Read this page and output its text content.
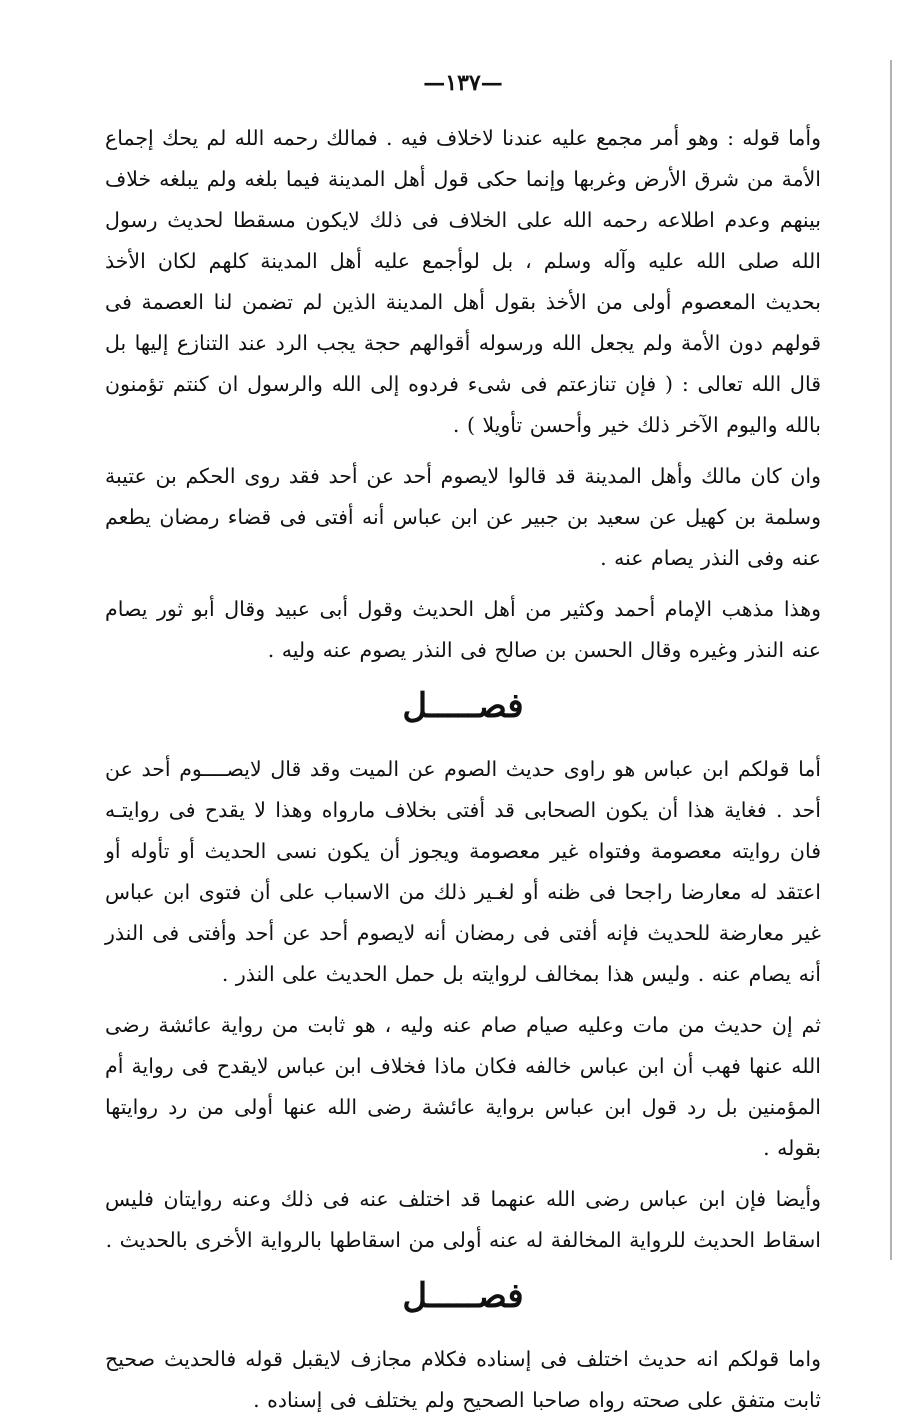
—١٣٧—
وأما قوله : وهو أمر مجمع عليه عندنا لاخلاف فيه . فمالك رحمه الله لم يحك إجماع الأمة من شرق الأرض وغربها وإنما حكى قول أهل المدينة فيما بلغه ولم يبلغه خلاف بينهم وعدم اطلاعه رحمه الله على الخلاف فى ذلك لايكون مسقطا لحديث رسول الله صلى الله عليه وآله وسلم ، بل لوأجمع عليه أهل المدينة كلهم لكان الأخذ بحديث المعصوم أولى من الأخذ بقول أهل المدينة الذين لم تضمن لنا العصمة فى قولهم دون الأمة ولم يجعل الله ورسوله أقوالهم حجة يجب الرد عند التنازع إليها بل قال الله تعالى : ( فإن تنازعتم فى شىء فردوه إلى الله والرسول ان كنتم تؤمنون بالله واليوم الآخر ذلك خير وأحسن تأويلا ) .
وان كان مالك وأهل المدينة قد قالوا لايصوم أحد عن أحد فقد روى الحكم بن عتيبة وسلمة بن كهيل عن سعيد بن جبير عن ابن عباس أنه أفتى فى قضاء رمضان يطعم عنه وفى النذر يصام عنه .
وهذا مذهب الإمام أحمد وكثير من أهل الحديث وقول أبى عبيد وقال أبو ثور يصام عنه النذر وغيره وقال الحسن بن صالح فى النذر يصوم عنه وليه .
فصـــــل
أما قولكم ابن عباس هو راوى حديث الصوم عن الميت وقد قال لايصــــوم أحد عن أحد . فغاية هذا أن يكون الصحابى قد أفتى بخلاف مارواه وهذا لا يقدح فى روايتـه فان روايته معصومة وفتواه غير معصومة ويجوز أن يكون نسى الحديث أو تأوله أو اعتقد له معارضا راجحا فى ظنه أو لغـير ذلك من الاسباب على أن فتوى ابن عباس غير معارضة للحديث فإنه أفتى فى رمضان أنه لايصوم أحد عن أحد وأفتى فى النذر أنه يصام عنه . وليس هذا بمخالف لروايته بل حمل الحديث على النذر .
ثم إن حديث من مات وعليه صيام صام عنه وليه ، هو ثابت من رواية عائشة رضى الله عنها فهب أن ابن عباس خالفه فكان ماذا فخلاف ابن عباس لايقدح فى رواية أم المؤمنين بل رد قول ابن عباس برواية عائشة رضى الله عنها أولى من رد روايتها بقوله .
وأيضا فإن ابن عباس رضى الله عنهما قد اختلف عنه فى ذلك وعنه روايتان فليس اسقاط الحديث للرواية المخالفة له عنه أولى من اسقاطها بالرواية الأخرى بالحديث .
فصـــــل
واما قولكم انه حديث اختلف فى إسناده فكلام مجازف لايقبل قوله فالحديث صحيح ثابت متفق على صحته رواه صاحبا الصحيح ولم يختلف فى إسناده .
